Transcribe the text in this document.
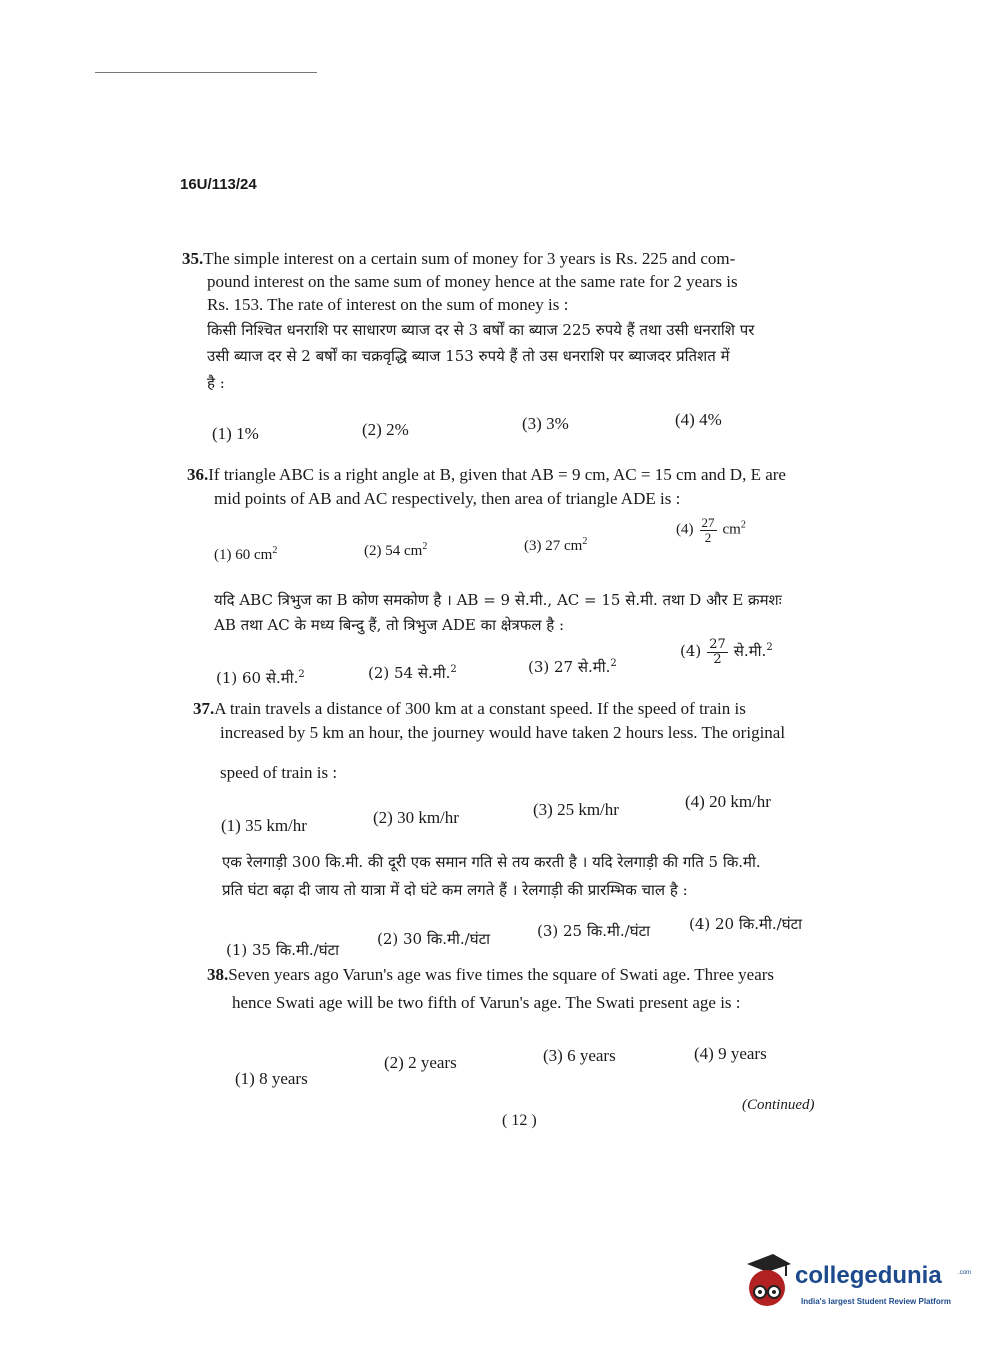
16U/113/24
35.The simple interest on a certain sum of money for 3 years is Rs. 225 and com-
pound interest on the same sum of money hence at the same rate for 2 years is
Rs. 153. The rate of interest on the sum of money is :
किसी निश्चित धनराशि पर साधारण ब्याज दर से 3 बर्षों का ब्याज 225 रुपये हैं तथा उसी धनराशि पर
उसी ब्याज दर से 2 बर्षों का चक्रवृद्धि ब्याज 153 रुपये हैं तो उस धनराशि पर ब्याजदर प्रतिशत में
है :
(1) 1%	(2) 2%	(3) 3%	(4) 4%
36.If triangle ABC is a right angle at B, given that AB = 9 cm, AC = 15 cm and D, E are
mid points of AB and AC respectively, then area of triangle ADE is :
(1) 60 $cm^2$	(2) 54 $cm^2$	(3) 27 $cm^2$
$(4) \frac{27}{2} cm^2$
यदि ABC त्रिभुज का B कोण समकोण है । AB = 9 से.मी., AC = 15 से.मी. तथा D और E क्रमशः
AB तथा AC के मध्य बिन्दु हैं, तो त्रिभुज ADE का क्षेत्रफल है :
(1) 60 से.मी.$^2$	(2) 54 से.मी.$^2$	(3) 27 से.मी.$^2$
$(4) \frac{27}{2}$ से.मी.$^2$
37.A train travels a distance of 300 km at a constant speed. If the speed of train is
increased by 5 km an hour, the journey would have taken 2 hours less. The original
speed of train is :
(1) 35 km/hr	(2) 30 km/hr	(3) 25 km/hr	(4) 20 km/hr
एक रेलगाड़ी 300 कि.मी. की दूरी एक समान गति से तय करती है । यदि रेलगाड़ी की गति 5 कि.मी.
प्रति घंटा बढ़ा दी जाय तो यात्रा में दो घंटे कम लगते हैं । रेलगाड़ी की प्रारम्भिक चाल है :
(1) 35 कि.मी./घंटा
(2) 30 कि.मी./घंटा	(3) 25 कि.मी./घंटा	(4) 20 कि.मी./घंटा
38.Seven years ago Varun's age was five times the square of Swati age. Three years
hence Swati age will be two fifth of Varun's age. The Swati present age is :
(1) 8 years
(2) 2 years	(3) 6 years	(4) 9 years
(Continued)
( 12 )
collegedunia	.com
India's largest Student Review Platform
